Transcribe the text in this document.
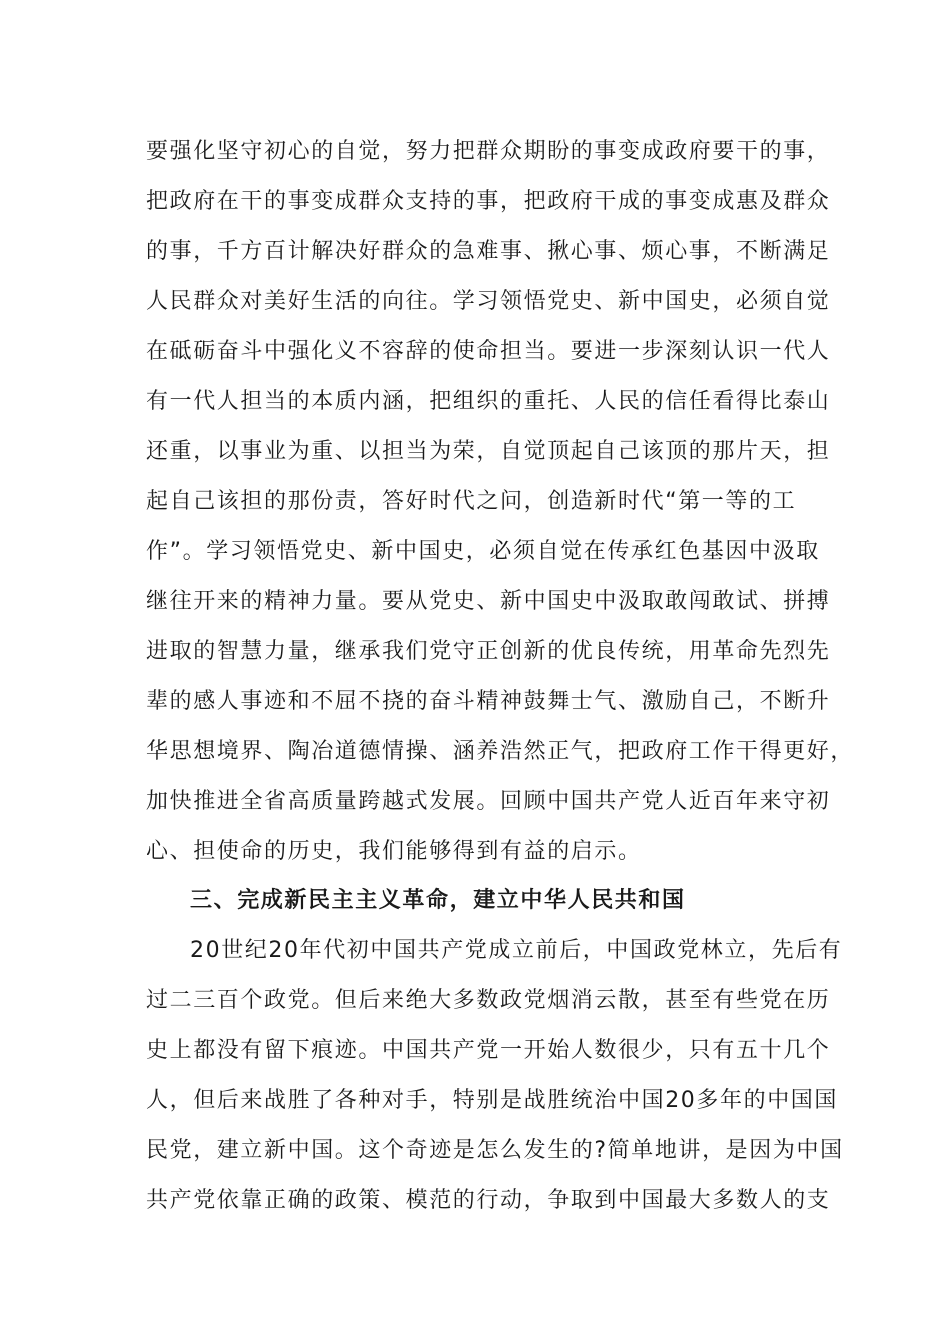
要强化坚守初心的自觉，努力把群众期盼的事变成政府要干的事，
把政府在干的事变成群众支持的事，把政府干成的事变成惠及群众
的事，千方百计解决好群众的急难事、揪心事、烦心事，不断满足
人民群众对美好生活的向往。学习领悟党史、新中国史，必须自觉
在砥砺奋斗中强化义不容辞的使命担当。要进一步深刻认识一代人
有一代人担当的本质内涵，把组织的重托、人民的信任看得比泰山
还重，以事业为重、以担当为荣，自觉顶起自己该顶的那片天，担
起自己该担的那份责，答好时代之问，创造新时代“第一等的工
作”。学习领悟党史、新中国史，必须自觉在传承红色基因中汲取
继往开来的精神力量。要从党史、新中国史中汲取敢闯敢试、拼搏
进取的智慧力量，继承我们党守正创新的优良传统，用革命先烈先
辈的感人事迹和不屈不挠的奋斗精神鼓舞士气、激励自己，不断升
华思想境界、陶冶道德情操、涵养浩然正气，把政府工作干得更好，
加快推进全省高质量跨越式发展。回顾中国共产党人近百年来守初
心、担使命的历史，我们能够得到有益的启示。
三、完成新民主主义革命，建立中华人民共和国
20世纪20年代初中国共产党成立前后，中国政党林立，先后有
过二三百个政党。但后来绝大多数政党烟消云散，甚至有些党在历
史上都没有留下痕迹。中国共产党一开始人数很少，只有五十几个
人，但后来战胜了各种对手，特别是战胜统治中国20多年的中国国
民党，建立新中国。这个奇迹是怎么发生的?简单地讲，是因为中国
共产党依靠正确的政策、模范的行动，争取到中国最大多数人的支
